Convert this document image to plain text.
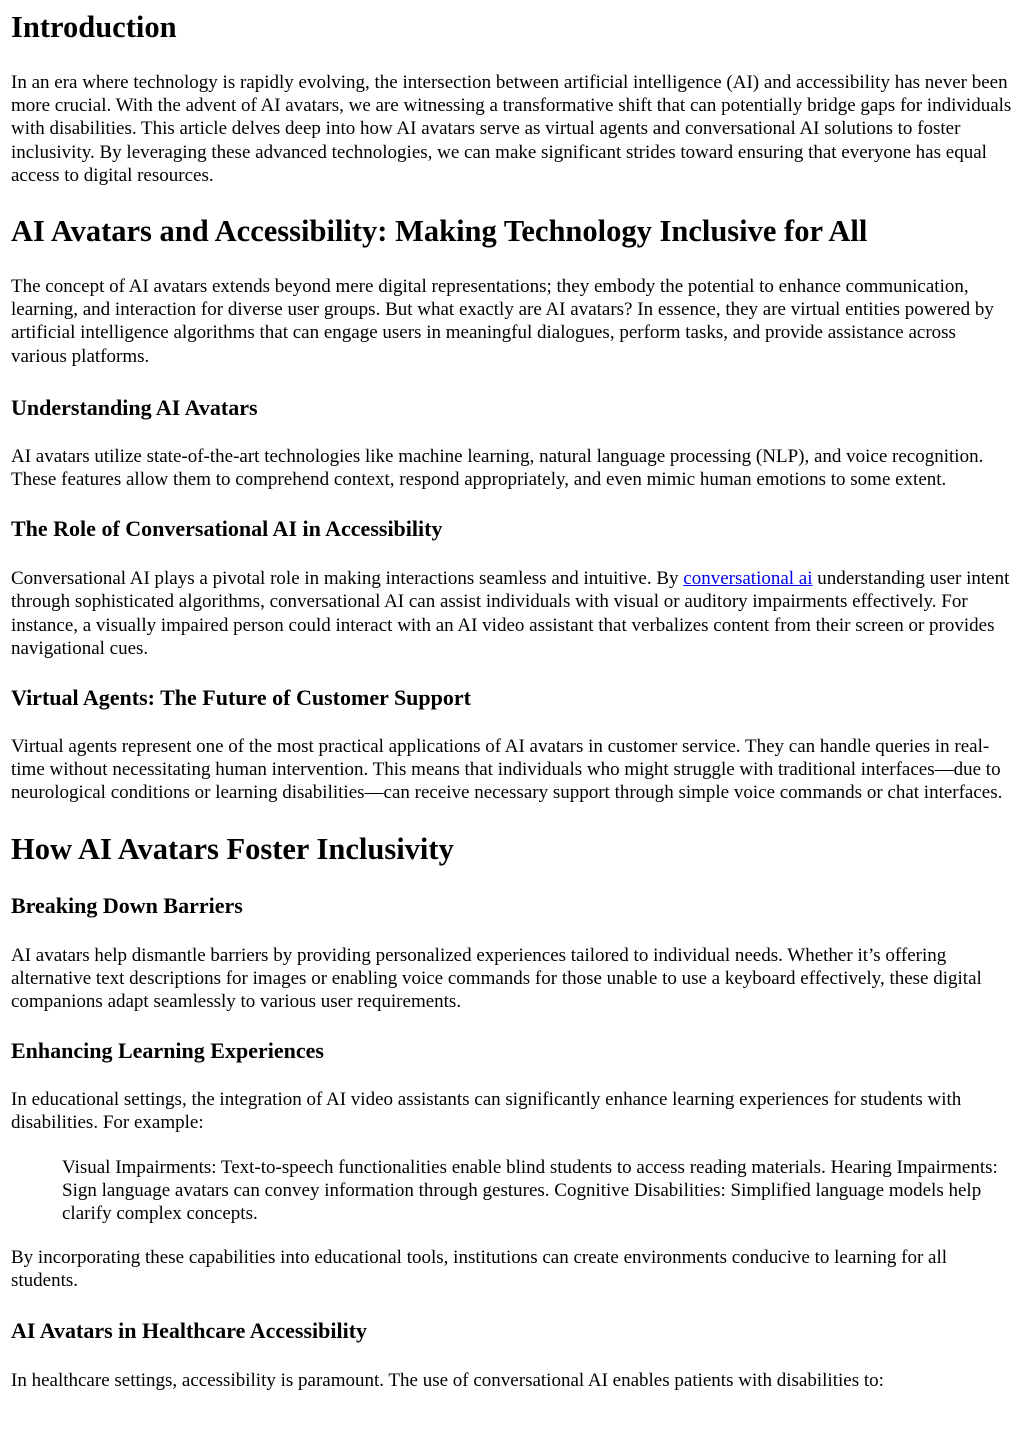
Introduction

In an era where technology is rapidly evolving, the intersection between artificial intelligence (AI) and accessibility has never been more crucial. With the advent of AI avatars, we are witnessing a transformative shift that can potentially bridge gaps for individuals with disabilities. This article delves deep into how AI avatars serve as virtual agents and conversational AI solutions to foster inclusivity. By leveraging these advanced technologies, we can make significant strides toward ensuring that everyone has equal access to digital resources.

AI Avatars and Accessibility: Making Technology Inclusive for All

The concept of AI avatars extends beyond mere digital representations; they embody the potential to enhance communication, learning, and interaction for diverse user groups. But what exactly are AI avatars? In essence, they are virtual entities powered by artificial intelligence algorithms that can engage users in meaningful dialogues, perform tasks, and provide assistance across various platforms.

Understanding AI Avatars

AI avatars utilize state-of-the-art technologies like machine learning, natural language processing (NLP), and voice recognition. These features allow them to comprehend context, respond appropriately, and even mimic human emotions to some extent.

The Role of Conversational AI in Accessibility

Conversational AI plays a pivotal role in making interactions seamless and intuitive. By conversational ai understanding user intent through sophisticated algorithms, conversational AI can assist individuals with visual or auditory impairments effectively. For instance, a visually impaired person could interact with an AI video assistant that verbalizes content from their screen or provides navigational cues.

Virtual Agents: The Future of Customer Support

Virtual agents represent one of the most practical applications of AI avatars in customer service. They can handle queries in real-time without necessitating human intervention. This means that individuals who might struggle with traditional interfaces—due to neurological conditions or learning disabilities—can receive necessary support through simple voice commands or chat interfaces.

How AI Avatars Foster Inclusivity
Breaking Down Barriers

AI avatars help dismantle barriers by providing personalized experiences tailored to individual needs. Whether it’s offering alternative text descriptions for images or enabling voice commands for those unable to use a keyboard effectively, these digital companions adapt seamlessly to various user requirements.

Enhancing Learning Experiences

In educational settings, the integration of AI video assistants can significantly enhance learning experiences for students with disabilities. For example:

Visual Impairments: Text-to-speech functionalities enable blind students to access reading materials. Hearing Impairments: Sign language avatars can convey information through gestures. Cognitive Disabilities: Simplified language models help clarify complex concepts.

By incorporating these capabilities into educational tools, institutions can create environments conducive to learning for all students.

AI Avatars in Healthcare Accessibility

In healthcare settings, accessibility is paramount. The use of conversational AI enables patients with disabilities to:
